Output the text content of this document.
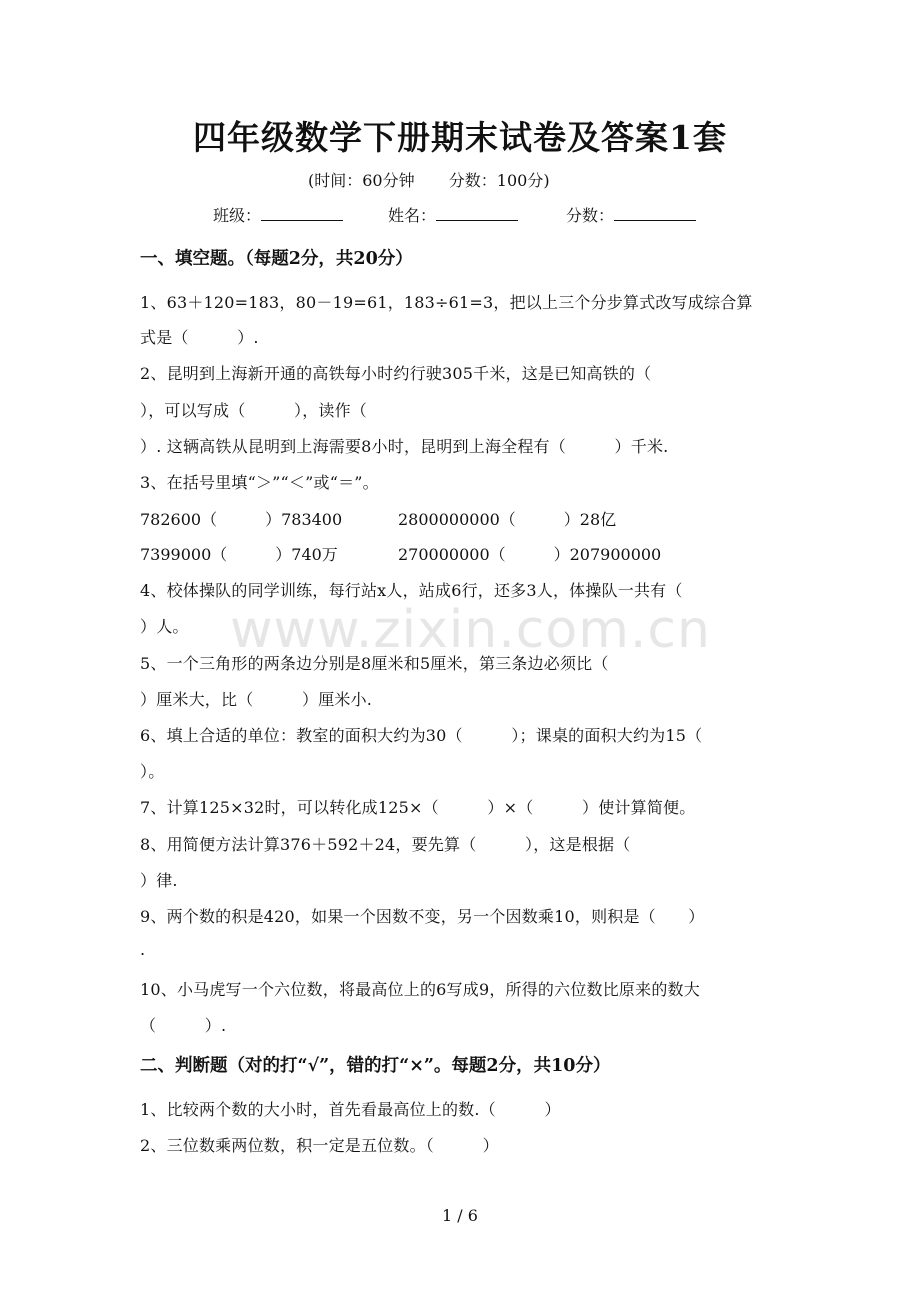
www.zixin.com.cn
四年级数学下册期末试卷及答案1套
(时间：60分钟 分数：100分)
班级：	姓名：	分数：
一、填空题。（每题2分，共20分）
1、63＋120=183，80－19=61，183÷61=3，把以上三个分步算式改写成综合算
式是（　　　）.
2、昆明到上海新开通的高铁每小时约行驶305千米，这是已知高铁的（
），可以写成（　　　），读作（
）. 这辆高铁从昆明到上海需要8小时，昆明到上海全程有（　　　）千米.
3、在括号里填“＞”“＜”或“＝”。
782600（　　　）783400	2800000000（　　　）28亿
7399000（　　　）740万	270000000（　　　）207900000
4、校体操队的同学训练，每行站x人，站成6行，还多3人，体操队一共有（
）人。
5、一个三角形的两条边分别是8厘米和5厘米，第三条边必须比（
）厘米大，比（　　　）厘米小.
6、填上合适的单位：教室的面积大约为30（　　　）；课桌的面积大约为15（
）。
7、计算125×32时，可以转化成125×（　　　）×（　　　）使计算简便。
8、用简便方法计算376＋592＋24，要先算（　　　），这是根据（
）律.
9、两个数的积是420，如果一个因数不变，另一个因数乘10，则积是（　　）
.
10、小马虎写一个六位数，将最高位上的6写成9，所得的六位数比原来的数大
（　　　）.
二、判断题（对的打“√”，错的打“×”。每题2分，共10分）
1、比较两个数的大小时，首先看最高位上的数.（　　　）
2、三位数乘两位数，积一定是五位数。（　　　）
1 / 6
